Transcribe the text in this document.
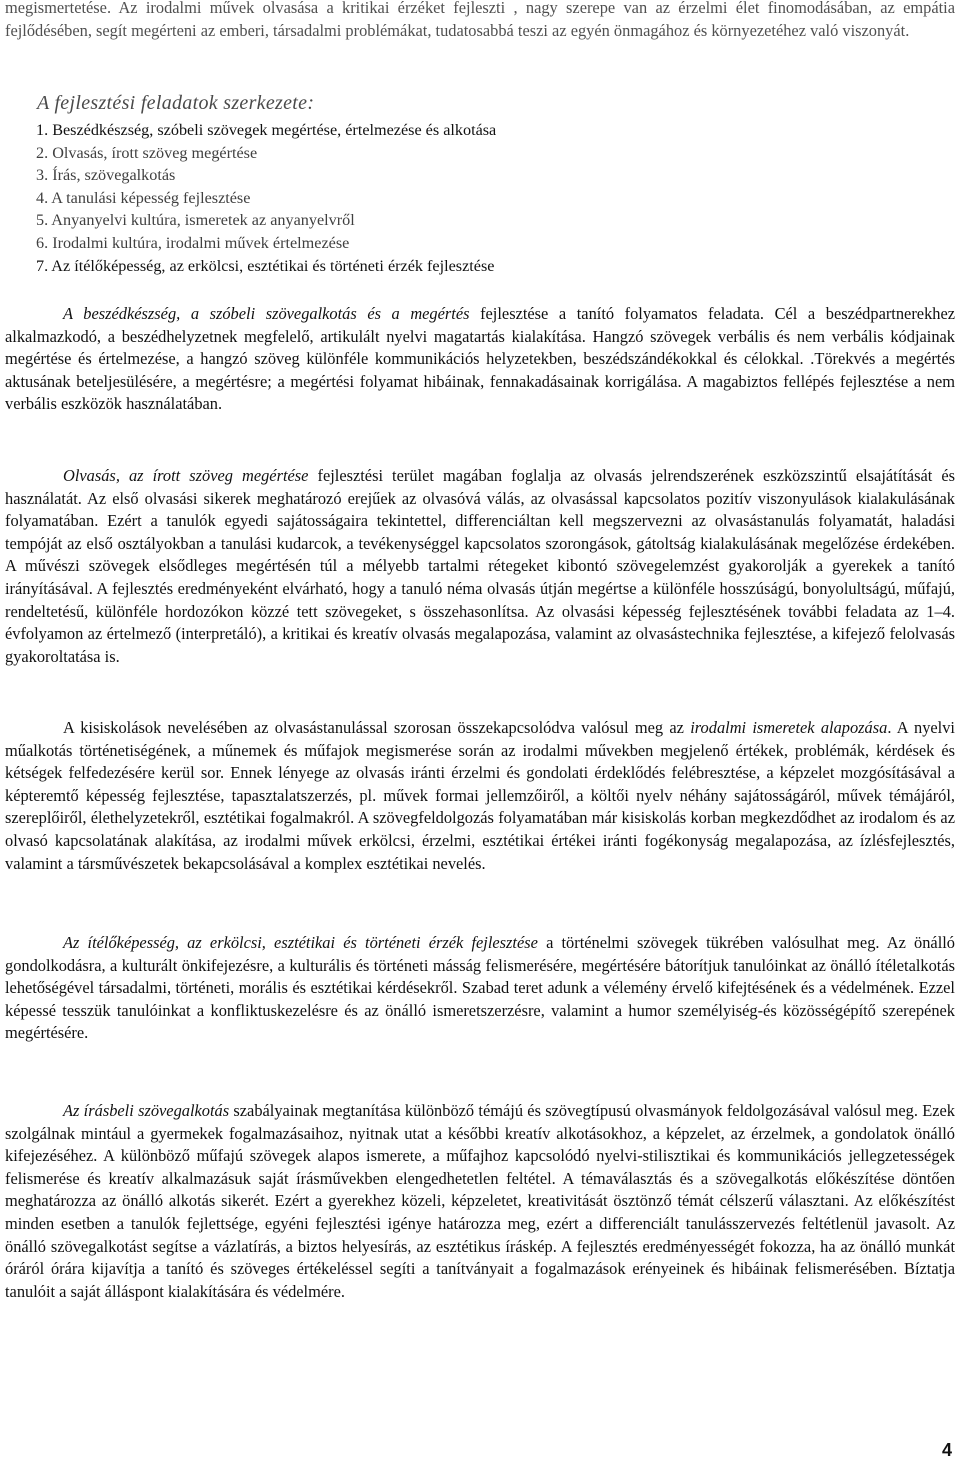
megismertetése. Az irodalmi művek olvasása a kritikai érzéket fejleszti , nagy szerepe van az érzelmi élet finomodásában, az empátia fejlődésében, segít megérteni az emberi, társadalmi problémákat, tudatosabbá teszi az egyén önmagához és környezetéhez való viszonyát.

A fejlesztési feladatok szerkezete:
1. Beszédkészség, szóbeli szövegek megértése, értelmezése és alkotása
2. Olvasás, írott szöveg megértése
3. Írás, szövegalkotás
4. A tanulási képesség fejlesztése
5. Anyanyelvi kultúra, ismeretek az anyanyelvről
6. Irodalmi kultúra, irodalmi művek értelmezése
7. Az ítélőképesség, az erkölcsi, esztétikai és történeti érzék fejlesztése

A beszédkészség, a szóbeli szövegalkotás és a megértés fejlesztése a tanító folyamatos feladata. Cél a beszédpartnerekhez alkalmazkodó, a beszédhelyzetnek megfelelő, artikulált nyelvi magatartás kialakítása. Hangzó szövegek verbális és nem verbális kódjainak megértése és értelmezése, a hangzó szöveg különféle kommunikációs helyzetekben, beszédszándékokkal és célokkal. .Törekvés a megértés aktusának beteljesülésére, a megértésre; a megértési folyamat hibáinak, fennakadásainak korrigálása. A magabiztos fellépés fejlesztése a nem verbális eszközök használatában.

Olvasás, az írott szöveg megértése fejlesztési terület magában foglalja az olvasás jelrendszerének eszközszintű elsajátítását és használatát. Az első olvasási sikerek meghatározó erejűek az olvasóvá válás, az olvasással kapcsolatos pozitív viszonyulások kialakulásának folyamatában. Ezért a tanulók egyedi sajátosságaira tekintettel, differenciáltan kell megszervezni az olvasástanulás folyamatát, haladási tempóját az első osztályokban a tanulási kudarcok, a tevékenységgel kapcsolatos szorongások, gátoltság kialakulásának megelőzése érdekében. A művészi szövegek elsődleges megértésén túl a mélyebb tartalmi rétegeket kibontó szövegelemzést gyakorolják a gyerekek a tanító irányításával. A fejlesztés eredményeként elvárható, hogy a tanuló néma olvasás útján megértse a különféle hosszúságú, bonyolultságú, műfajú, rendeltetésű, különféle hordozókon közzé tett szövegeket, s összehasonlítsa. Az olvasási képesség fejlesztésének további feladata az 1–4. évfolyamon az értelmező (interpretáló), a kritikai és kreatív olvasás megalapozása, valamint az olvasástechnika fejlesztése, a kifejező felolvasás gyakoroltatása is.

A kisiskolások nevelésében az olvasástanulással szorosan összekapcsolódva valósul meg az irodalmi ismeretek alapozása. A nyelvi műalkotás történetiségének, a műnemek és műfajok megismerése során az irodalmi művekben megjelenő értékek, problémák, kérdések és kétségek felfedezésére kerül sor. Ennek lényege az olvasás iránti érzelmi és gondolati érdeklődés felébresztése, a képzelet mozgósításával a képteremtő képesség fejlesztése, tapasztalatszerzés, pl. művek formai jellemzőiről, a költői nyelv néhány sajátosságáról, művek témájáról, szereplőiről, élethelyzetekről, esztétikai fogalmakról. A szövegfeldolgozás folyamatában már kisiskolás korban megkezdődhet az irodalom és az olvasó kapcsolatának alakítása, az irodalmi művek erkölcsi, érzelmi, esztétikai értékei iránti fogékonyság megalapozása, az ízlésfejlesztés, valamint a társművészetek bekapcsolásával a komplex esztétikai nevelés.

Az ítélőképesség, az erkölcsi, esztétikai és történeti érzék fejlesztése a történelmi szövegek tükrében valósulhat meg. Az önálló gondolkodásra, a kulturált önkifejezésre, a kulturális és történeti másság felismerésére, megértésére bátorítjuk tanulóinkat az önálló ítéletalkotás lehetőségével társadalmi, történeti, morális és esztétikai kérdésekről. Szabad teret adunk a vélemény érvelő kifejtésének és a védelmének. Ezzel képessé tesszük tanulóinkat a konfliktuskezelésre és az önálló ismeretszerzésre, valamint a humor személyiség-és közösségépítő szerepének megértésére.

Az írásbeli szövegalkotás szabályainak megtanítása különböző témájú és szövegtípusú olvasmányok feldolgozásával valósul meg. Ezek szolgálnak mintául a gyermekek fogalmazásaihoz, nyitnak utat a későbbi kreatív alkotásokhoz, a képzelet, az érzelmek, a gondolatok önálló kifejezéséhez. A különböző műfajú szövegek alapos ismerete, a műfajhoz kapcsolódó nyelvi-stilisztikai és kommunikációs jellegzetességek felismerése és kreatív alkalmazásuk saját írásművekben elengedhetetlen feltétel. A témaválasztás és a szövegalkotás előkészítése döntően meghatározza az önálló alkotás sikerét. Ezért a gyerekhez közeli, képzeletet, kreativitását ösztönző témát célszerű választani. Az előkészítést minden esetben a tanulók fejlettsége, egyéni fejlesztési igénye határozza meg, ezért a differenciált tanulásszervezés feltétlenül javasolt. Az önálló szövegalkotást segítse a vázlatírás, a biztos helyesírás, az esztétikus íráskép. A fejlesztés eredményességét fokozza, ha az önálló munkát óráról órára kijavítja a tanító és szöveges értékeléssel segíti a tanítványait a fogalmazások erényeinek és hibáinak felismerésében. Bíztatja tanulóit a saját álláspont kialakítására és védelmére.

4
